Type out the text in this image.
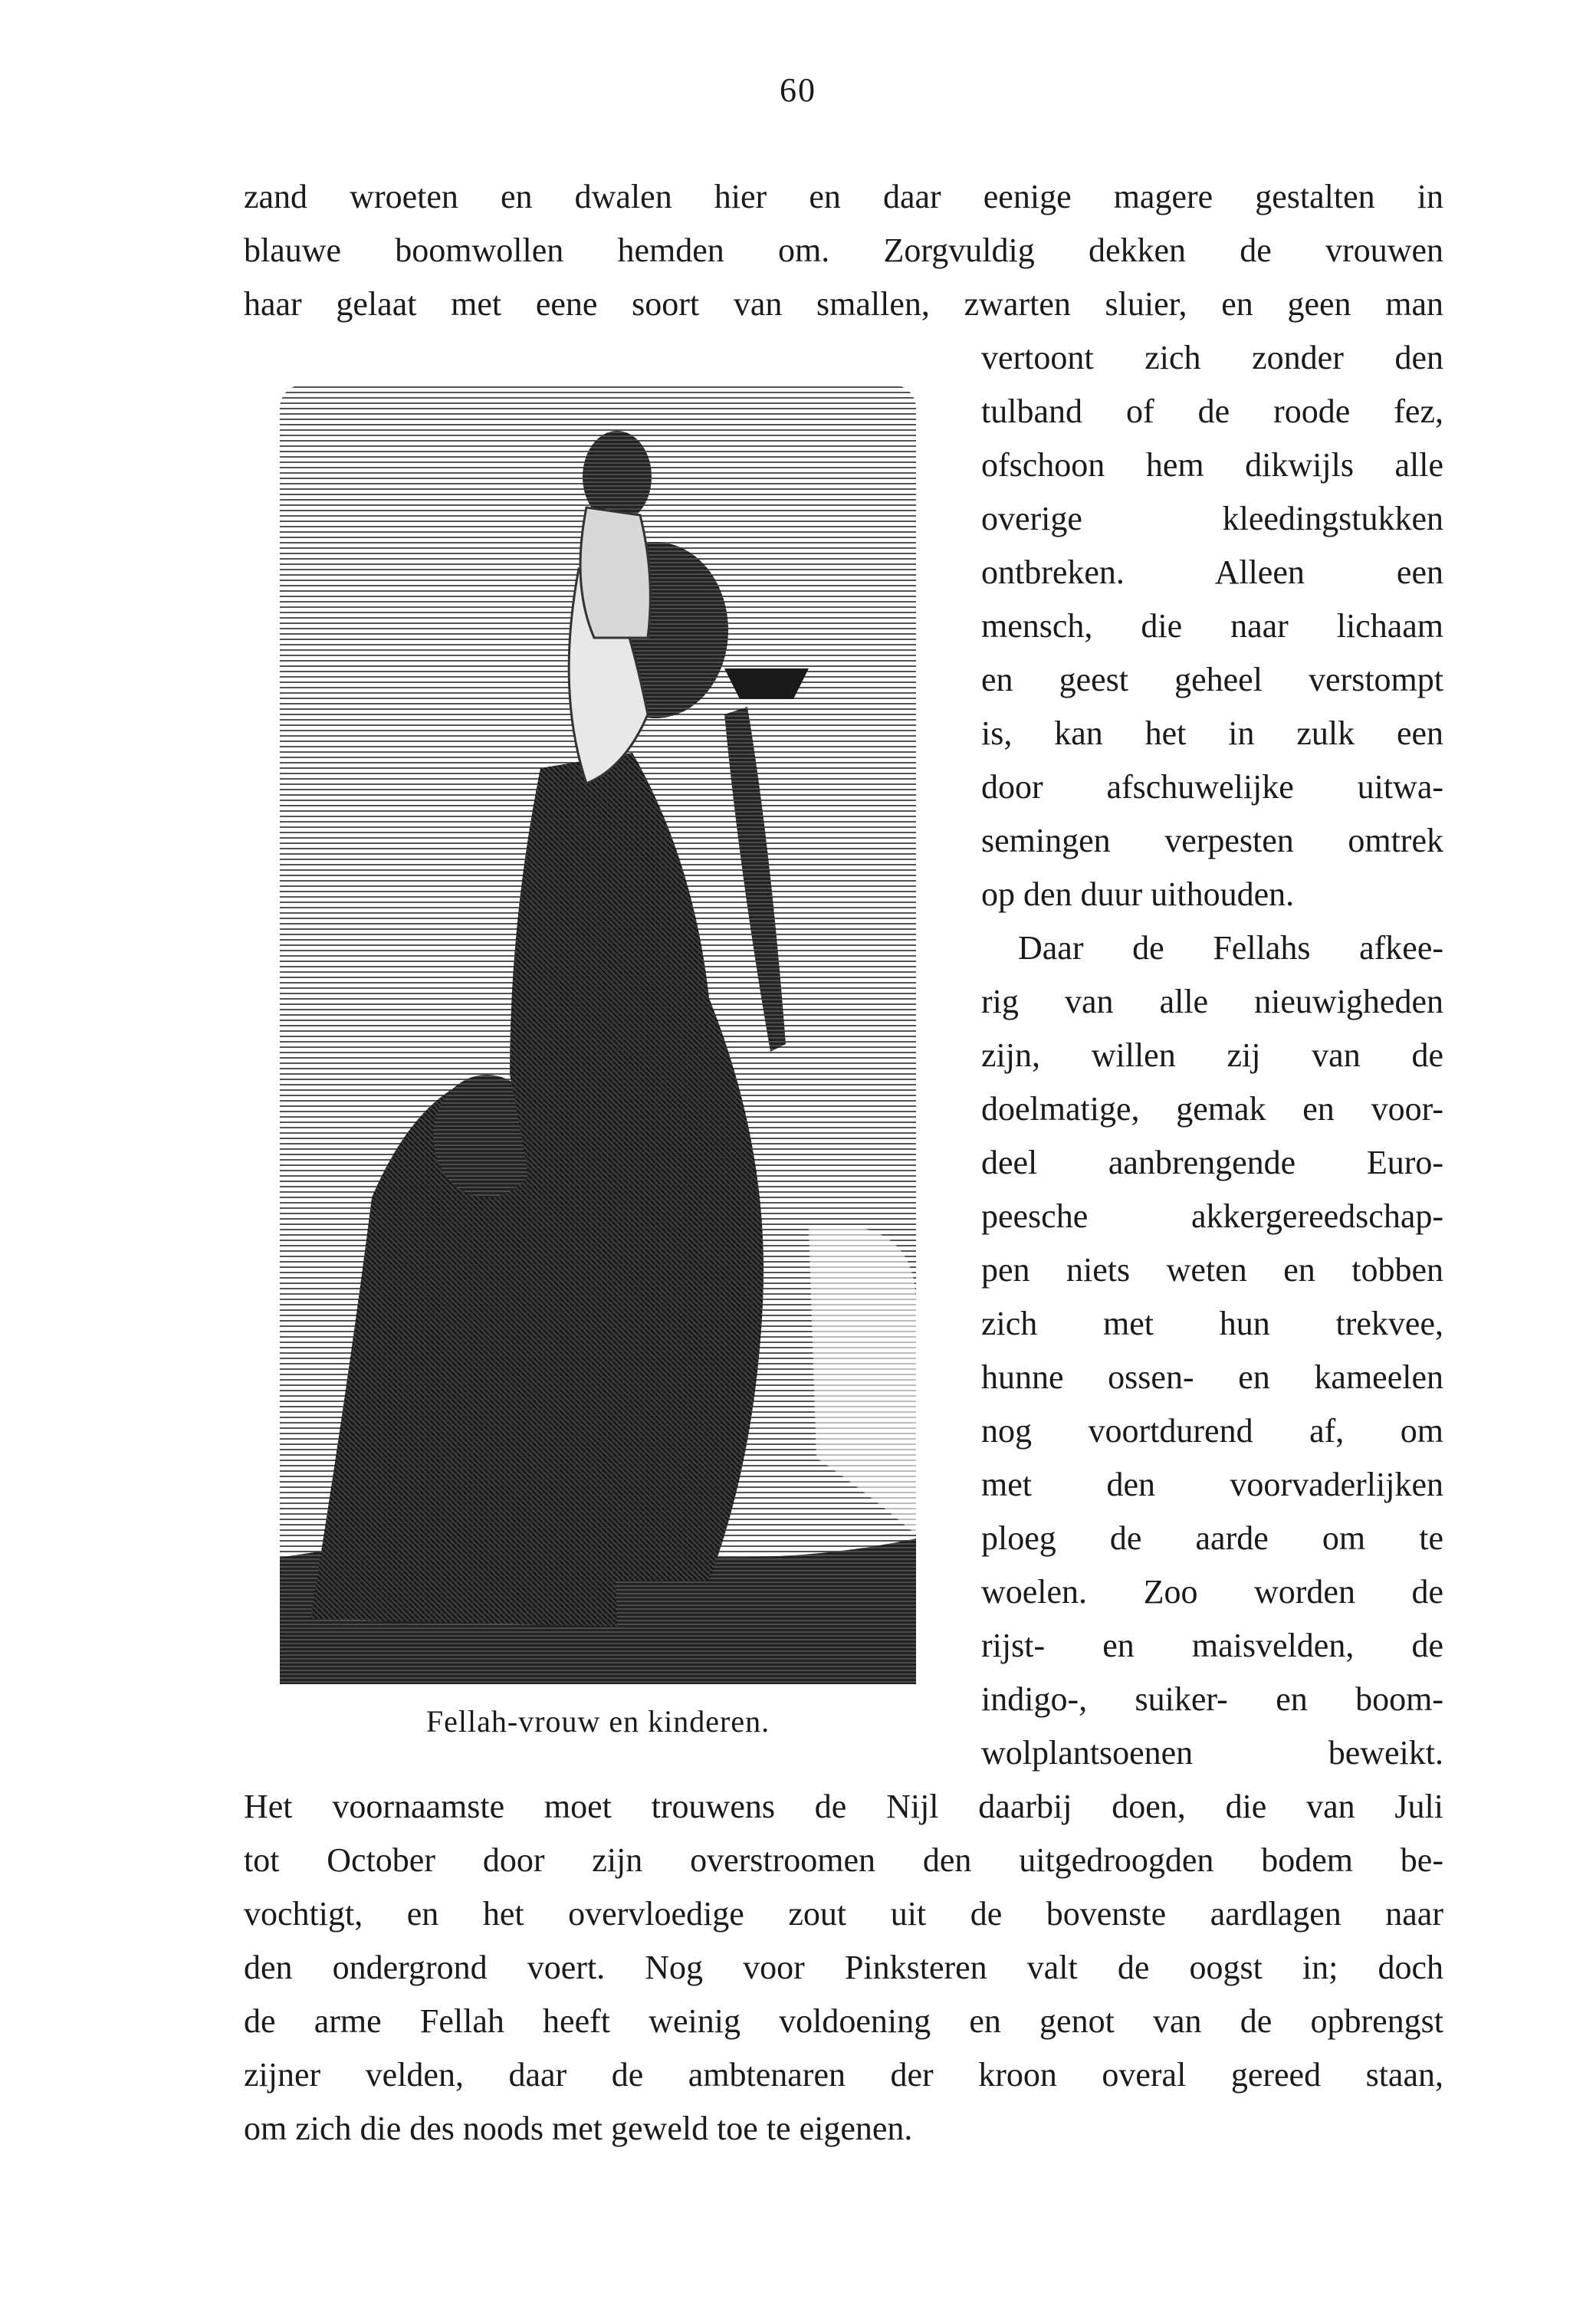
60
zand wroeten en dwalen hier en daar eenige magere gestalten in
blauwe boomwollen hemden om. Zorgvuldig dekken de vrouwen
haar gelaat met eene soort van smallen, zwarten sluier, en geen man
Fellah-vrouw en kinderen.
vertoont zich zonder den
tulband of de roode fez,
ofschoon hem dikwijls alle
overige kleedingstukken
ontbreken. Alleen een
mensch, die naar lichaam
en geest geheel verstompt
is, kan het in zulk een
door afschuwelijke uitwa-
semingen verpesten omtrek
op den duur uithouden.
Daar de Fellahs afkee-
rig van alle nieuwigheden
zijn, willen zij van de
doelmatige, gemak en voor-
deel aanbrengende Euro-
peesche akkergereedschap-
pen niets weten en tobben
zich met hun trekvee,
hunne ossen- en kameelen
nog voortdurend af, om
met den voorvaderlijken
ploeg de aarde om te
woelen. Zoo worden de
rijst- en maisvelden, de
indigo-, suiker- en boom-
wolplantsoenen beweikt.
Het voornaamste moet trouwens de Nijl daarbij doen, die van Juli
tot October door zijn overstroomen den uitgedroogden bodem be-
vochtigt, en het overvloedige zout uit de bovenste aardlagen naar
den ondergrond voert. Nog voor Pinksteren valt de oogst in; doch
de arme Fellah heeft weinig voldoening en genot van de opbrengst
zijner velden, daar de ambtenaren der kroon overal gereed staan,
om zich die des noods met geweld toe te eigenen.
